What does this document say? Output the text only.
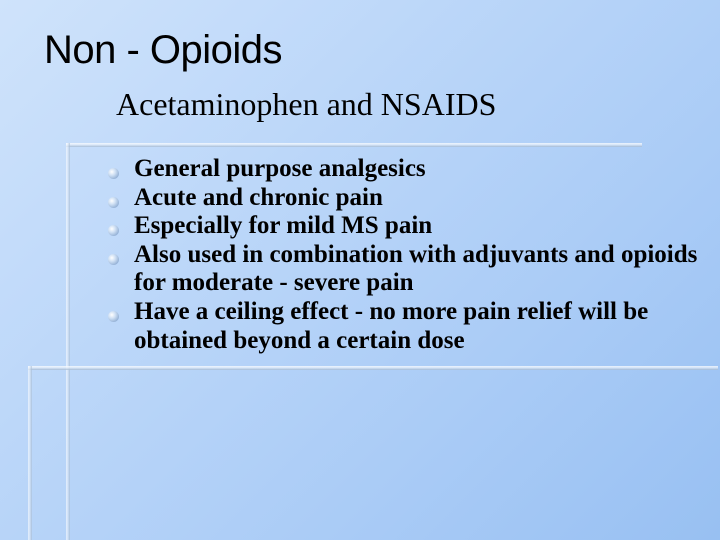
Non - Opioids
Acetaminophen and NSAIDS
General purpose analgesics
Acute and chronic pain
Especially for mild MS pain
Also used in combination with adjuvants and opioids for moderate - severe pain
Have a ceiling effect - no more pain relief will be obtained beyond a certain dose
